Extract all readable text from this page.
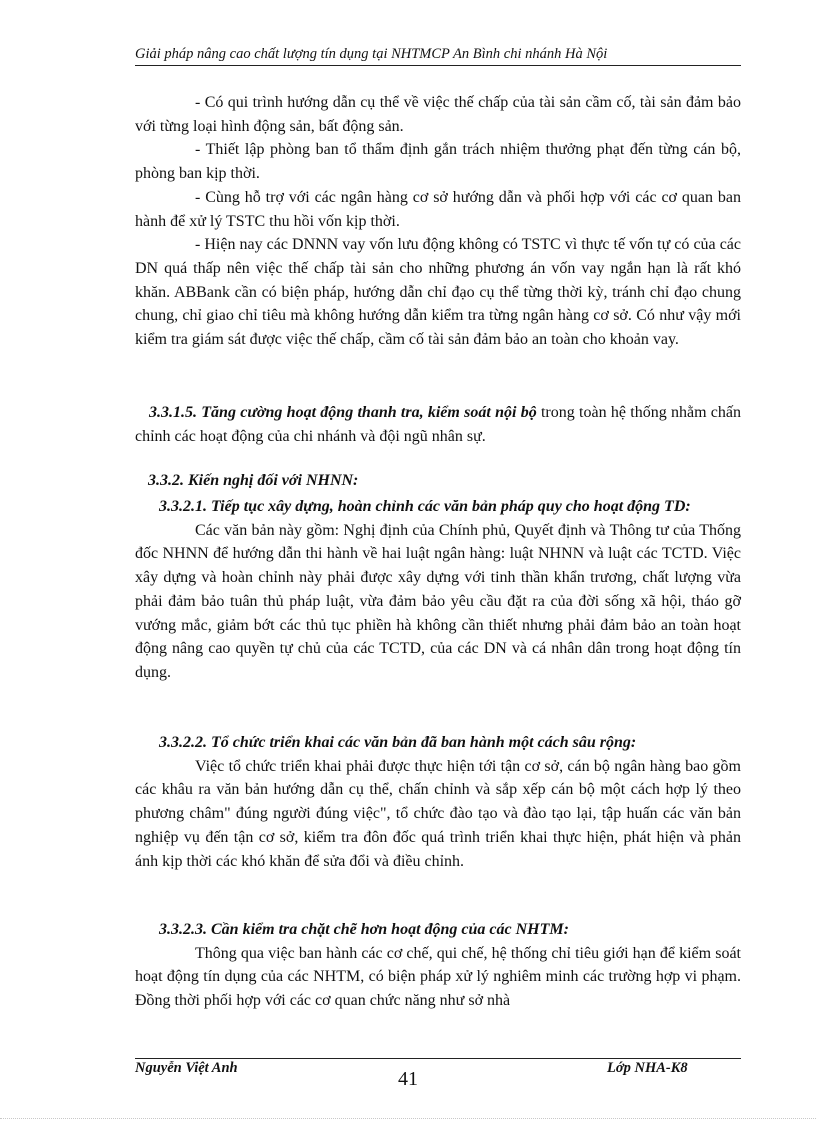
Giải pháp nâng cao chất lượng tín dụng tại NHTMCP An Bình chi nhánh Hà Nội

- Có qui trình hướng dẫn cụ thể về việc thế chấp của tài sản cầm cố, tài sản đảm bảo với từng loại hình động sản, bất động sản.

- Thiết lập phòng ban tổ thẩm định gắn trách nhiệm thưởng phạt đến từng cán bộ, phòng ban kịp thời.

- Cùng hỗ trợ với các ngân hàng cơ sở hướng dẫn và phối hợp với các cơ quan ban hành để xử lý TSTC thu hồi vốn kịp thời.

- Hiện nay các DNNN vay vốn lưu động không có TSTC vì thực tế vốn tự có của các DN quá thấp nên việc thế chấp tài sản cho những phương án vốn vay ngắn hạn là rất khó khăn. ABBank cần có biện pháp, hướng dẫn chỉ đạo cụ thể từng thời kỳ, tránh chỉ đạo chung chung, chỉ giao chỉ tiêu mà không hướng dẫn kiểm tra từng ngân hàng cơ sở. Có như vậy mới kiểm tra giám sát được việc thế chấp, cầm cố tài sản đảm bảo an toàn cho khoản vay.

3.3.1.5. Tăng cường hoạt động thanh tra, kiểm soát nội bộ trong toàn hệ thống nhằm chấn chỉnh các hoạt động của chi nhánh và đội ngũ nhân sự.
3.3.2. Kiến nghị đối với NHNN:
3.3.2.1. Tiếp tục xây dựng, hoàn chỉnh các văn bản pháp quy cho hoạt động TD:

Các văn bản này gồm: Nghị định của Chính phủ, Quyết định và Thông tư của Thống đốc NHNN để hướng dẫn thi hành về hai luật ngân hàng: luật NHNN và luật các TCTD. Việc xây dựng và hoàn chỉnh này phải được xây dựng với tinh thần khẩn trương, chất lượng vừa phải đảm bảo tuân thủ pháp luật, vừa đảm bảo yêu cầu đặt ra của đời sống xã hội, tháo gỡ vướng mắc, giảm bớt các thủ tục phiền hà không cần thiết nhưng phải đảm bảo an toàn hoạt động nâng cao quyền tự chủ của các TCTD, của các DN và cá nhân dân trong hoạt động tín dụng.

3.3.2.2. Tổ chức triển khai các văn bản đã ban hành một cách sâu rộng:

Việc tổ chức triển khai phải được thực hiện tới tận cơ sở, cán bộ ngân hàng bao gồm các khâu ra văn bản hướng dẫn cụ thể, chấn chỉnh và sắp xếp cán bộ một cách hợp lý theo phương châm" đúng người đúng việc", tổ chức đào tạo và đào tạo lại, tập huấn các văn bản nghiệp vụ đến tận cơ sở, kiểm tra đôn đốc quá trình triển khai thực hiện, phát hiện và phản ánh kịp thời các khó khăn để sửa đổi và điều chỉnh.

3.3.2.3. Cần kiểm tra chặt chẽ hơn hoạt động của các NHTM:

Thông qua việc ban hành các cơ chế, qui chế, hệ thống chỉ tiêu giới hạn để kiểm soát hoạt động tín dụng của các NHTM, có biện pháp xử lý nghiêm minh các trường hợp vi phạm. Đồng thời phối hợp với các cơ quan chức năng như sở nhà

Nguyễn Việt Anh	Lớp NHA-K8
41
